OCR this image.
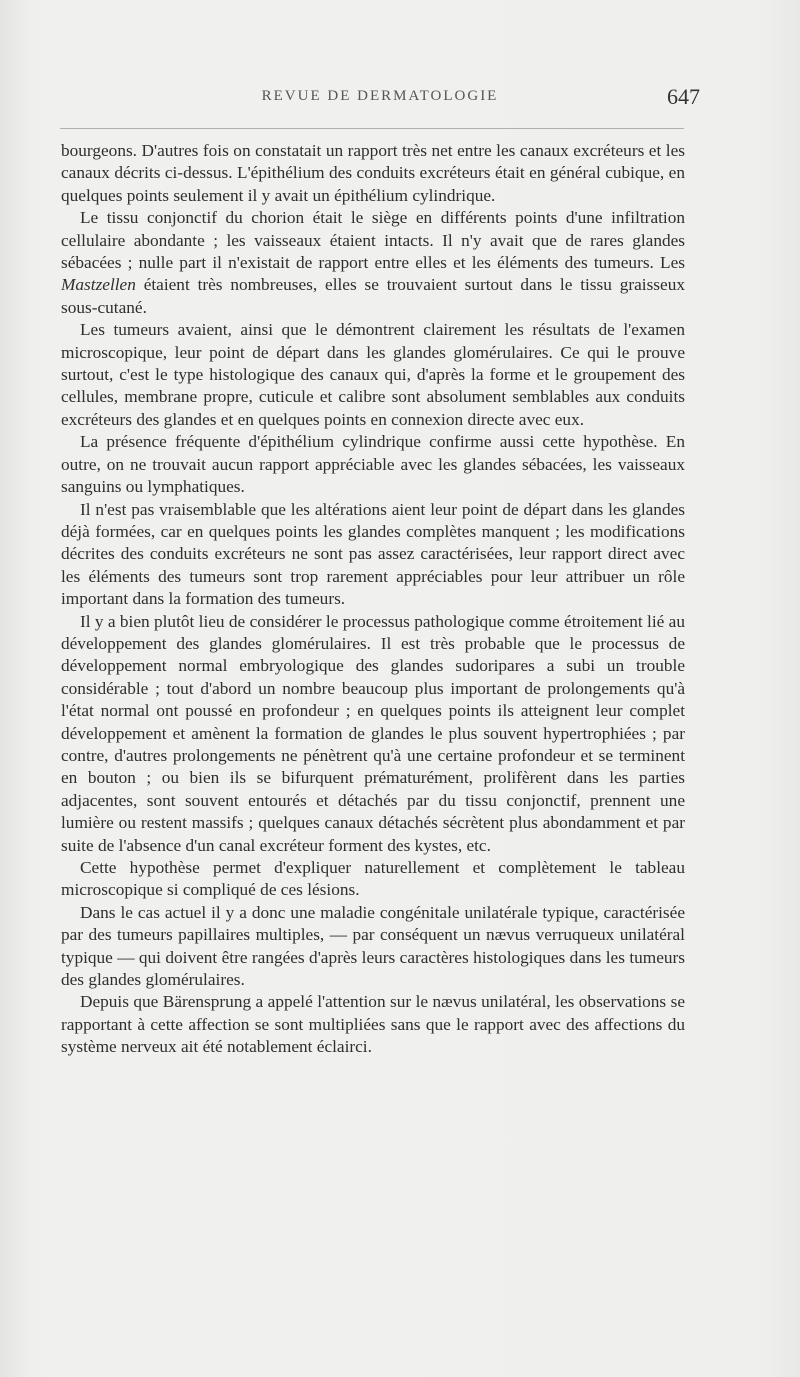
REVUE DE DERMATOLOGIE	647

bourgeons. D'autres fois on constatait un rapport très net entre les canaux excréteurs et les canaux décrits ci-dessus. L'épithélium des conduits excréteurs était en général cubique, en quelques points seulement il y avait un épithélium cylindrique.

Le tissu conjonctif du chorion était le siège en différents points d'une infiltration cellulaire abondante ; les vaisseaux étaient intacts. Il n'y avait que de rares glandes sébacées ; nulle part il n'existait de rapport entre elles et les éléments des tumeurs. Les Mastzellen étaient très nombreuses, elles se trouvaient surtout dans le tissu graisseux sous-cutané.

Les tumeurs avaient, ainsi que le démontrent clairement les résultats de l'examen microscopique, leur point de départ dans les glandes glomérulaires. Ce qui le prouve surtout, c'est le type histologique des canaux qui, d'après la forme et le groupement des cellules, membrane propre, cuticule et calibre sont absolument semblables aux conduits excréteurs des glandes et en quelques points en connexion directe avec eux.

La présence fréquente d'épithélium cylindrique confirme aussi cette hypothèse. En outre, on ne trouvait aucun rapport appréciable avec les glandes sébacées, les vaisseaux sanguins ou lymphatiques.

Il n'est pas vraisemblable que les altérations aient leur point de départ dans les glandes déjà formées, car en quelques points les glandes complètes manquent ; les modifications décrites des conduits excréteurs ne sont pas assez caractérisées, leur rapport direct avec les éléments des tumeurs sont trop rarement appréciables pour leur attribuer un rôle important dans la formation des tumeurs.

Il y a bien plutôt lieu de considérer le processus pathologique comme étroitement lié au développement des glandes glomérulaires. Il est très probable que le processus de développement normal embryologique des glandes sudoripares a subi un trouble considérable ; tout d'abord un nombre beaucoup plus important de prolongements qu'à l'état normal ont poussé en profondeur ; en quelques points ils atteignent leur complet développement et amènent la formation de glandes le plus souvent hypertrophiées ; par contre, d'autres prolongements ne pénètrent qu'à une certaine profondeur et se terminent en bouton ; ou bien ils se bifurquent prématurément, prolifèrent dans les parties adjacentes, sont souvent entourés et détachés par du tissu conjonctif, prennent une lumière ou restent massifs ; quelques canaux détachés sécrètent plus abondamment et par suite de l'absence d'un canal excréteur forment des kystes, etc.

Cette hypothèse permet d'expliquer naturellement et complètement le tableau microscopique si compliqué de ces lésions.

Dans le cas actuel il y a donc une maladie congénitale unilatérale typique, caractérisée par des tumeurs papillaires multiples, — par conséquent un nævus verruqueux unilatéral typique — qui doivent être rangées d'après leurs caractères histologiques dans les tumeurs des glandes glomérulaires.

Depuis que Bärensprung a appelé l'attention sur le nævus unilatéral, les observations se rapportant à cette affection se sont multipliées sans que le rapport avec des affections du système nerveux ait été notablement éclairci.
